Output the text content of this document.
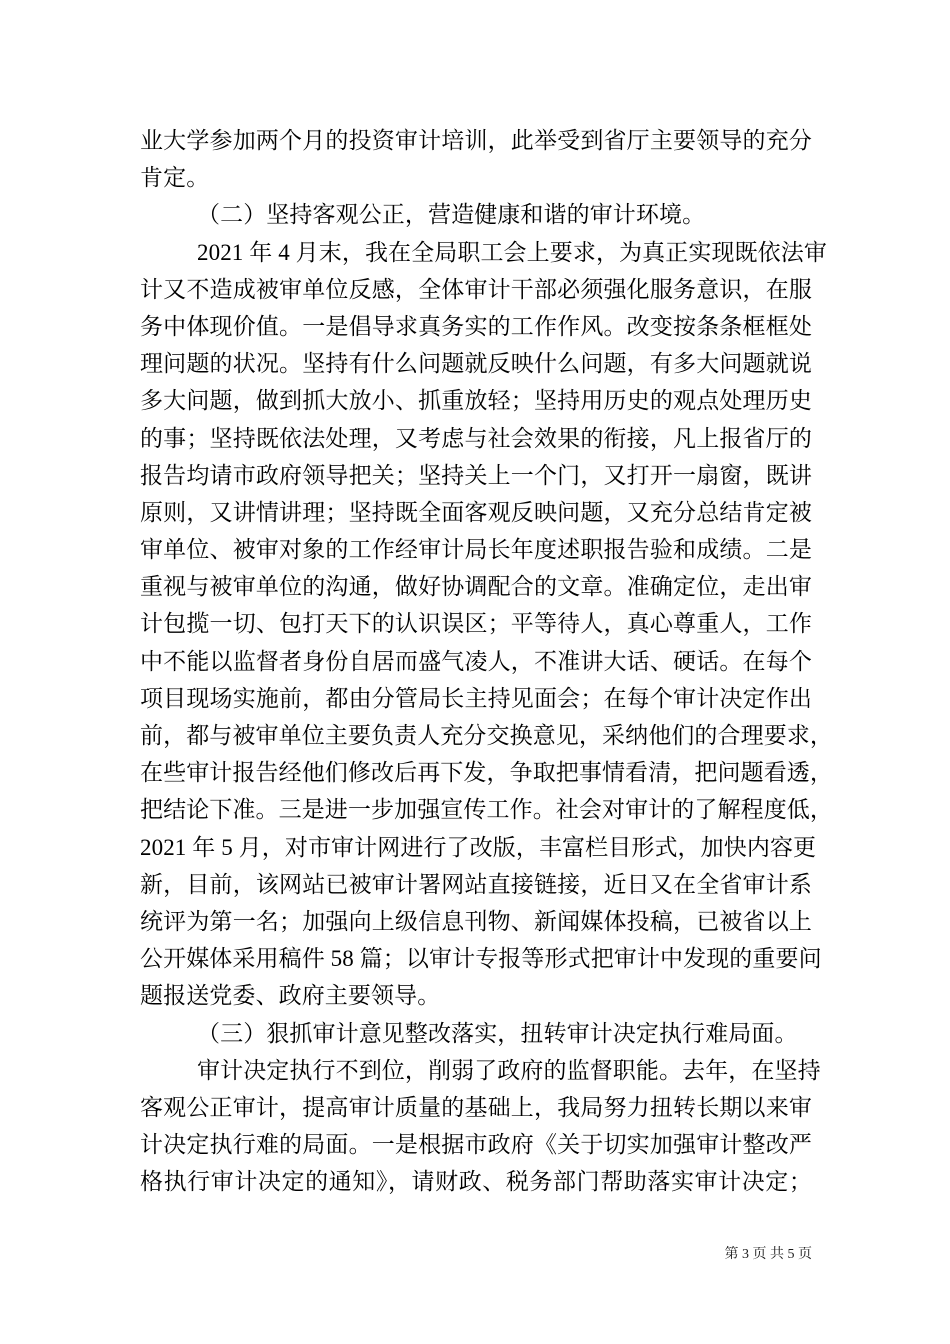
业大学参加两个月的投资审计培训，此举受到省厅主要领导的充分
肯定。
（二）坚持客观公正，营造健康和谐的审计环境。
2021 年 4 月末，我在全局职工会上要求，为真正实现既依法审
计又不造成被审单位反感，全体审计干部必须强化服务意识，在服
务中体现价值。一是倡导求真务实的工作作风。改变按条条框框处
理问题的状况。坚持有什么问题就反映什么问题，有多大问题就说
多大问题，做到抓大放小、抓重放轻；坚持用历史的观点处理历史
的事；坚持既依法处理，又考虑与社会效果的衔接，凡上报省厅的
报告均请市政府领导把关；坚持关上一个门，又打开一扇窗，既讲
原则，又讲情讲理；坚持既全面客观反映问题，又充分总结肯定被
审单位、被审对象的工作经审计局长年度述职报告验和成绩。二是
重视与被审单位的沟通，做好协调配合的文章。准确定位，走出审
计包揽一切、包打天下的认识误区；平等待人，真心尊重人，工作
中不能以监督者身份自居而盛气凌人，不准讲大话、硬话。在每个
项目现场实施前，都由分管局长主持见面会；在每个审计决定作出
前，都与被审单位主要负责人充分交换意见，采纳他们的合理要求，
在些审计报告经他们修改后再下发，争取把事情看清，把问题看透，
把结论下准。三是进一步加强宣传工作。社会对审计的了解程度低，
2021 年 5 月，对市审计网进行了改版，丰富栏目形式，加快内容更
新，目前，该网站已被审计署网站直接链接，近日又在全省审计系
统评为第一名；加强向上级信息刊物、新闻媒体投稿，已被省以上
公开媒体采用稿件 58 篇；以审计专报等形式把审计中发现的重要问
题报送党委、政府主要领导。
（三）狠抓审计意见整改落实，扭转审计决定执行难局面。
审计决定执行不到位，削弱了政府的监督职能。去年，在坚持
客观公正审计，提高审计质量的基础上，我局努力扭转长期以来审
计决定执行难的局面。一是根据市政府《关于切实加强审计整改严
格执行审计决定的通知》，请财政、税务部门帮助落实审计决定；
第 3 页 共 5 页
